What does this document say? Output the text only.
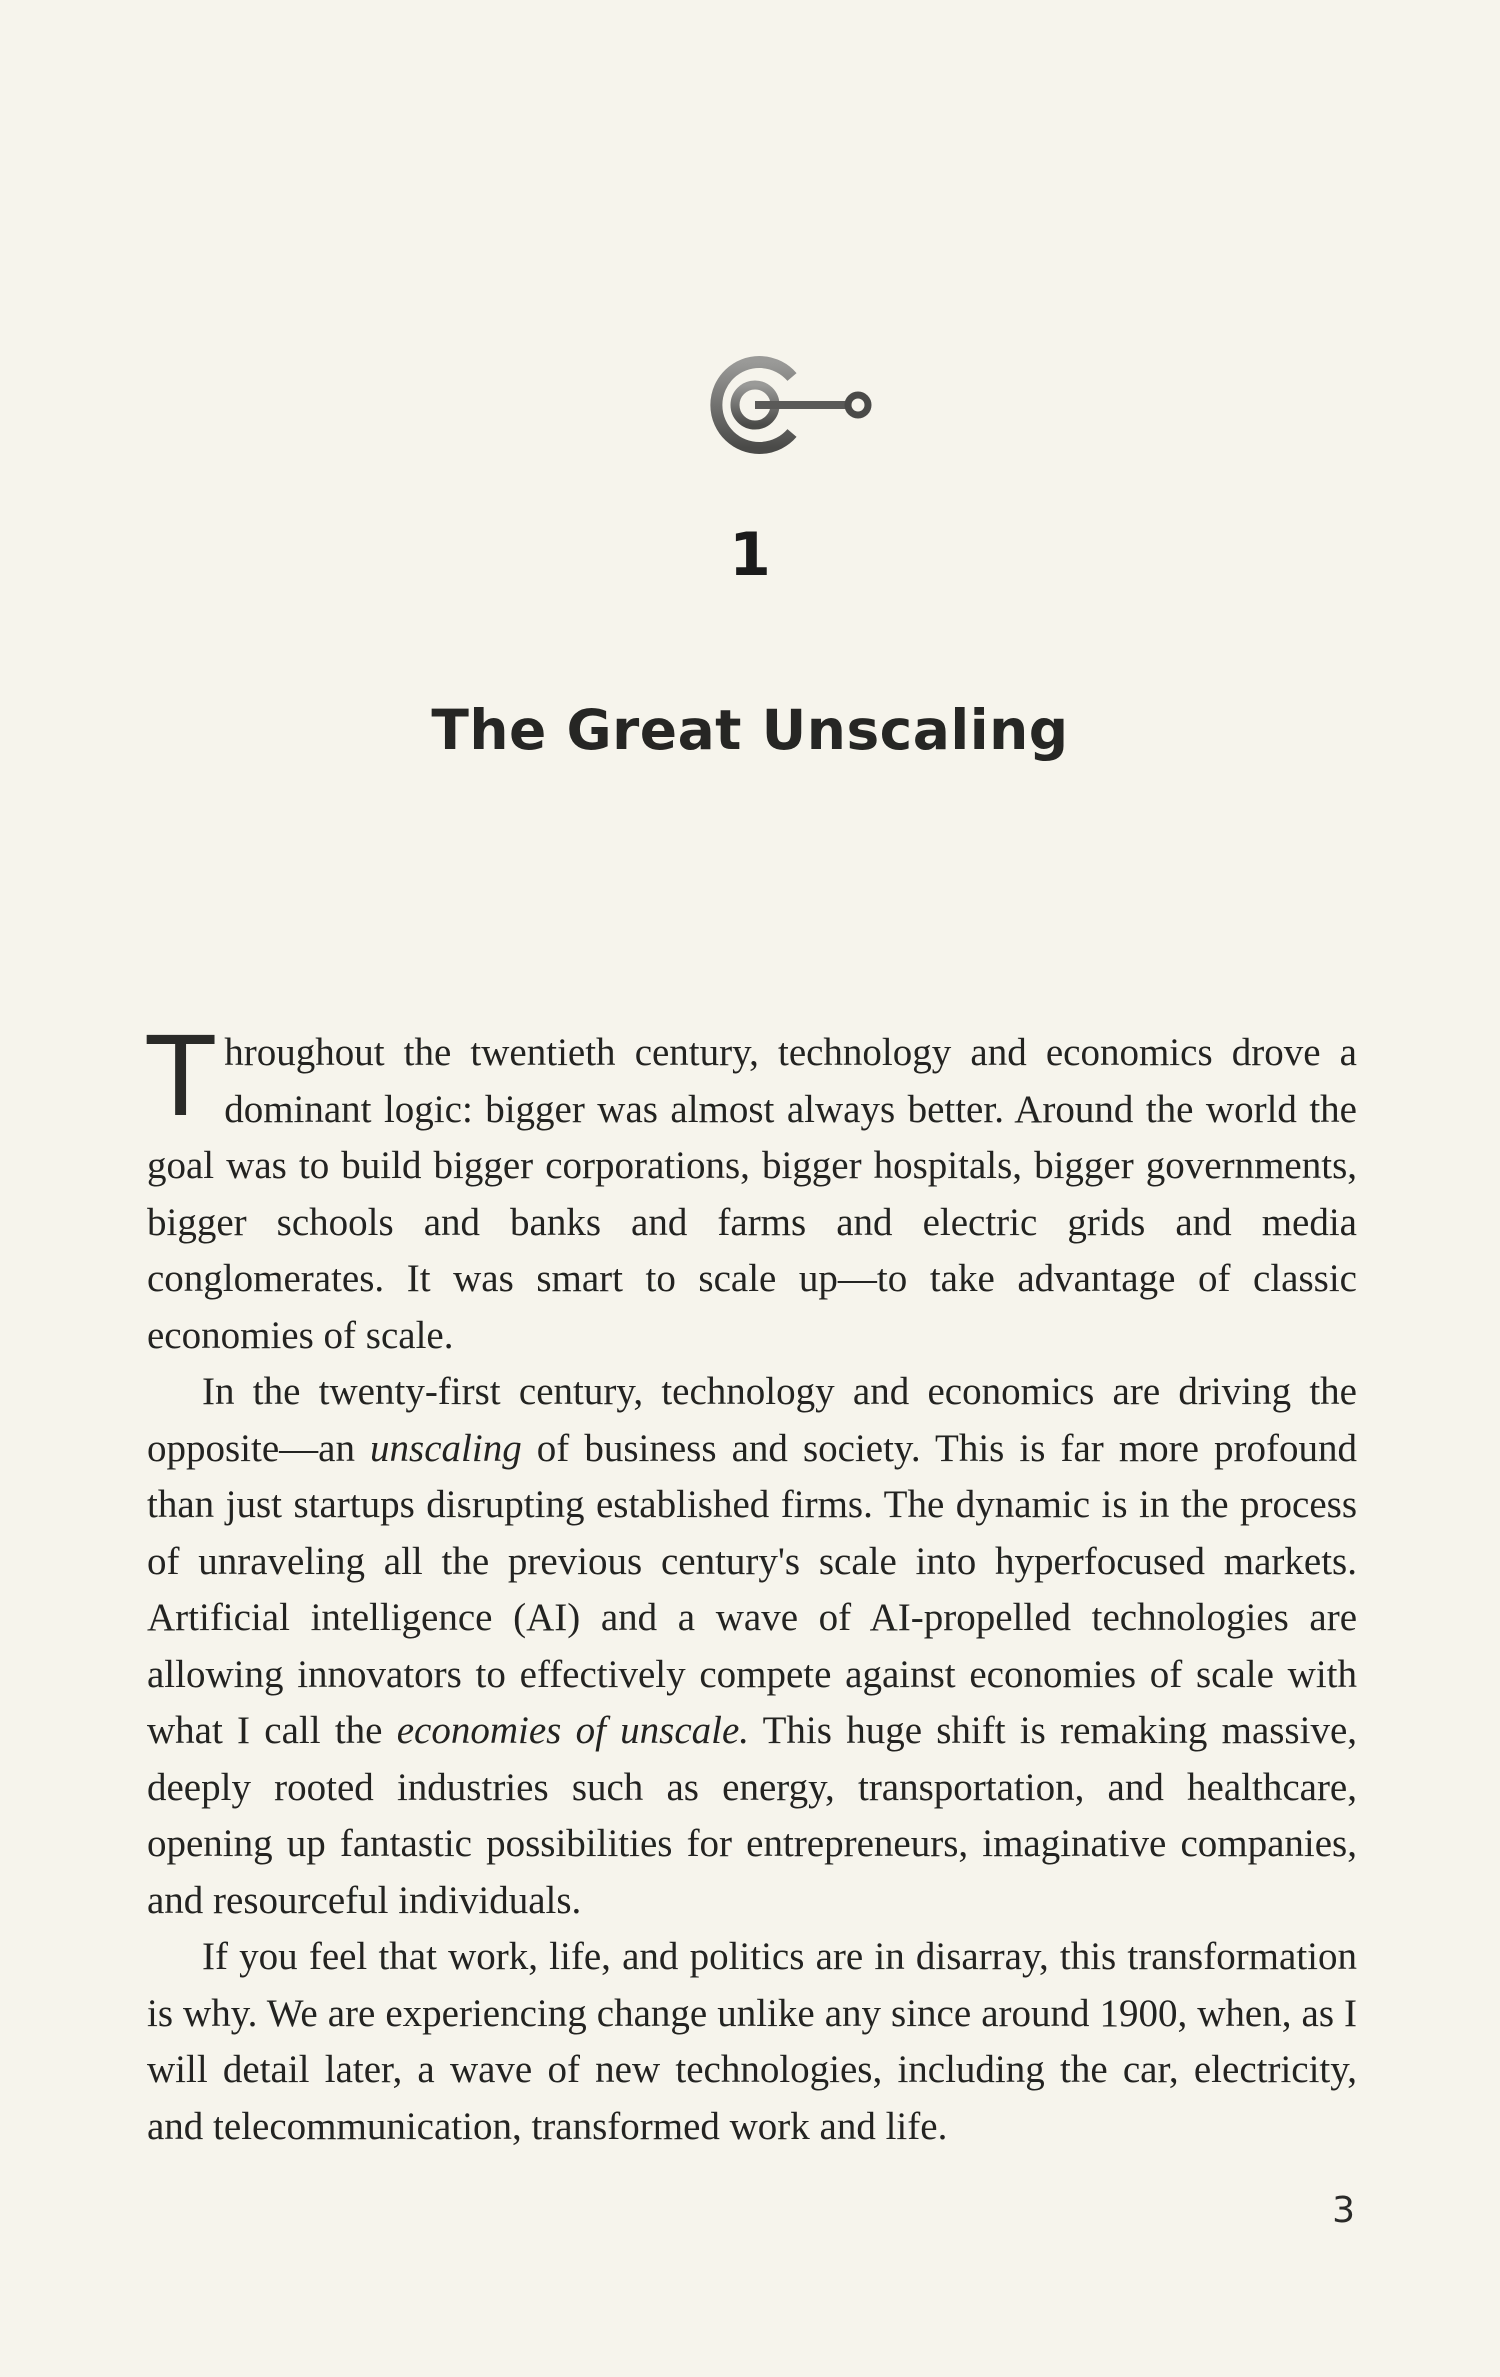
1
The Great Unscaling

Throughout the twentieth century, technology and economics drove a dominant logic: bigger was almost always better. Around the world the goal was to build bigger corporations, bigger hospitals, bigger governments, bigger schools and banks and farms and electric grids and media conglomerates. It was smart to scale up—to take advantage of classic economies of scale.

In the twenty-first century, technology and economics are driving the opposite—an unscaling of business and society. This is far more profound than just startups disrupting established firms. The dynamic is in the process of unraveling all the previous century's scale into hyperfocused markets. Artificial intelligence (AI) and a wave of AI-propelled technologies are allowing innovators to effectively compete against economies of scale with what I call the economies of unscale. This huge shift is remaking massive, deeply rooted industries such as energy, transportation, and healthcare, opening up fantastic possibilities for entrepreneurs, imaginative companies, and resourceful individuals.

If you feel that work, life, and politics are in disarray, this transformation is why. We are experiencing change unlike any since around 1900, when, as I will detail later, a wave of new technologies, including the car, electricity, and telecommunication, transformed work and life.

3
